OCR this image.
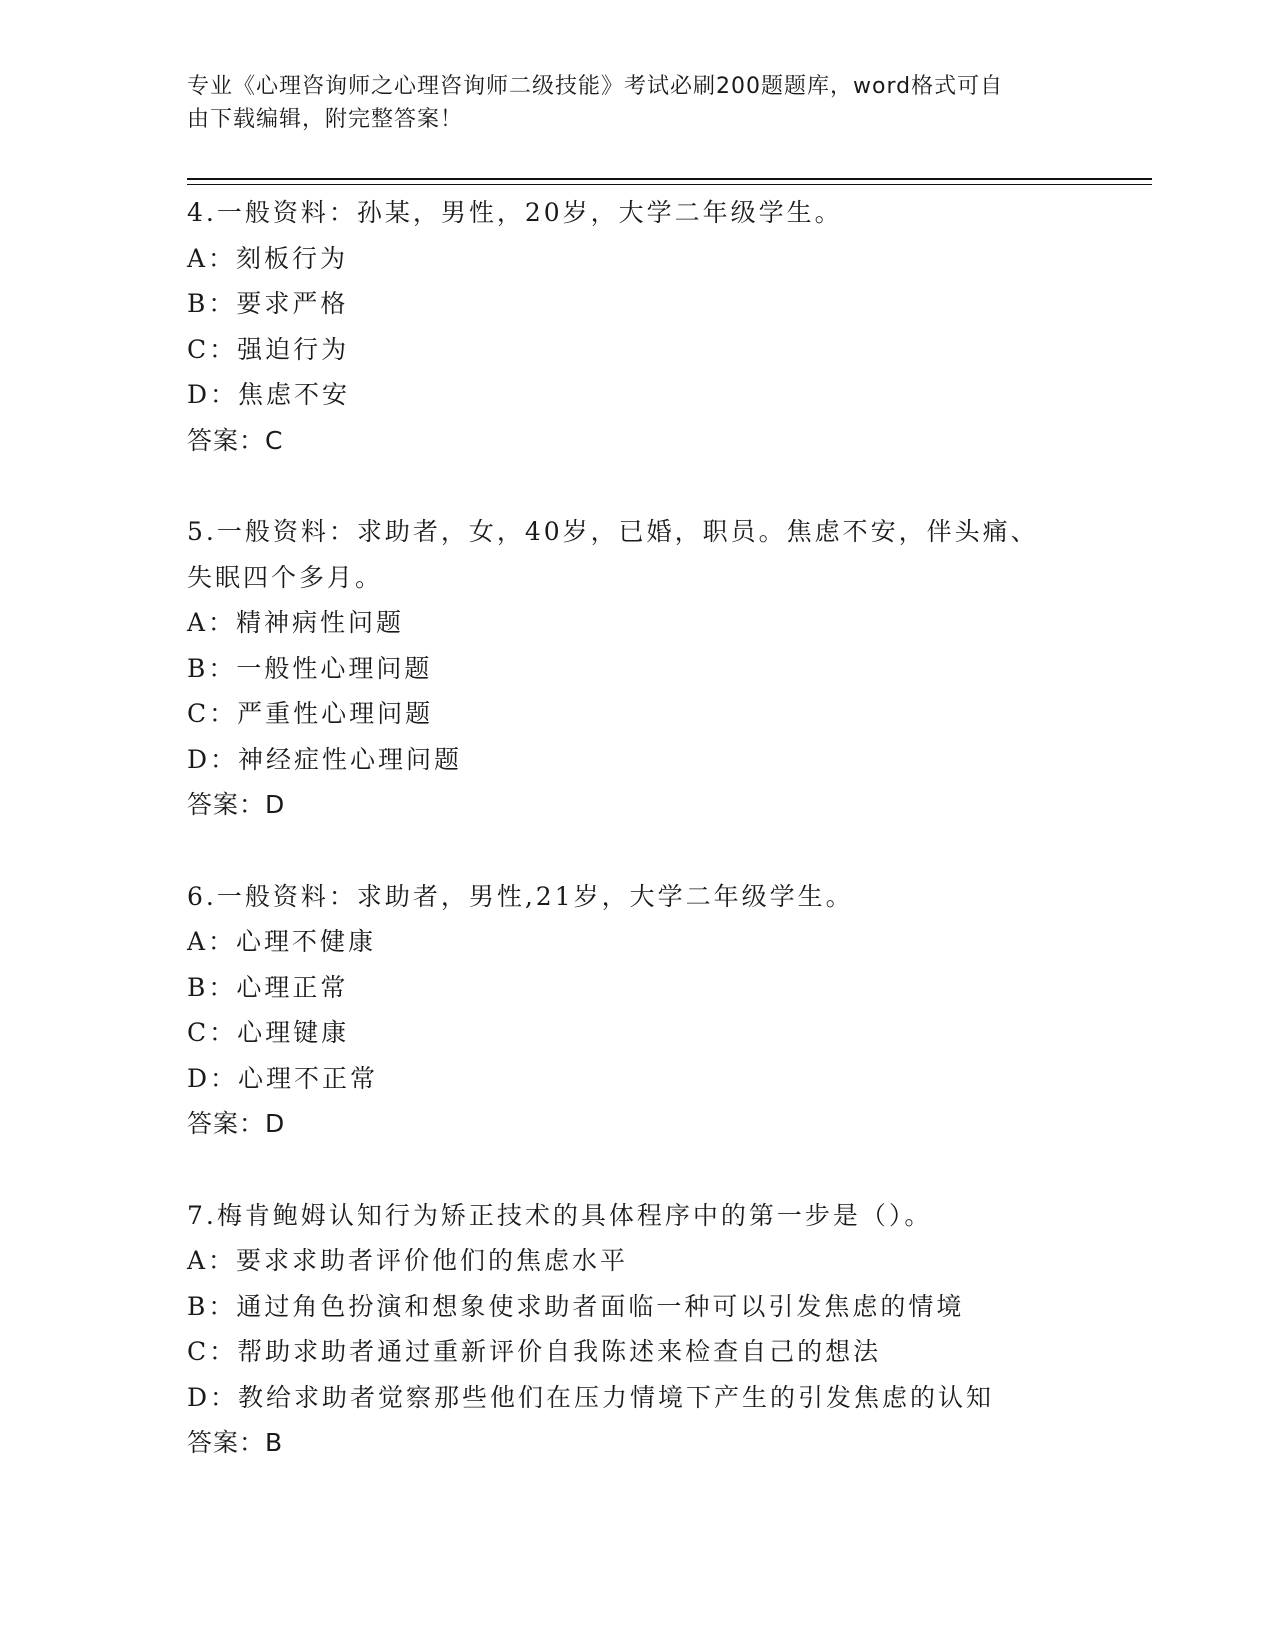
专业《心理咨询师之心理咨询师二级技能》考试必刷200题题库，word格式可自
由下载编辑，附完整答案！
4.一般资料：孙某，男性，20岁，大学二年级学生。
A：刻板行为
B：要求严格
C：强迫行为
D：焦虑不安
答案：C
5.一般资料：求助者，女，40岁，已婚，职员。焦虑不安，伴头痛、
失眠四个多月。
A：精神病性问题
B：一般性心理问题
C：严重性心理问题
D：神经症性心理问题
答案：D
6.一般资料：求助者，男性,21岁，大学二年级学生。
A：心理不健康
B：心理正常
C：心理键康
D：心理不正常
答案：D
7.梅肯鲍姆认知行为矫正技术的具体程序中的第一步是（）。
A：要求求助者评价他们的焦虑水平
B：通过角色扮演和想象使求助者面临一种可以引发焦虑的情境
C：帮助求助者通过重新评价自我陈述来检查自己的想法
D：教给求助者觉察那些他们在压力情境下产生的引发焦虑的认知
答案：B
